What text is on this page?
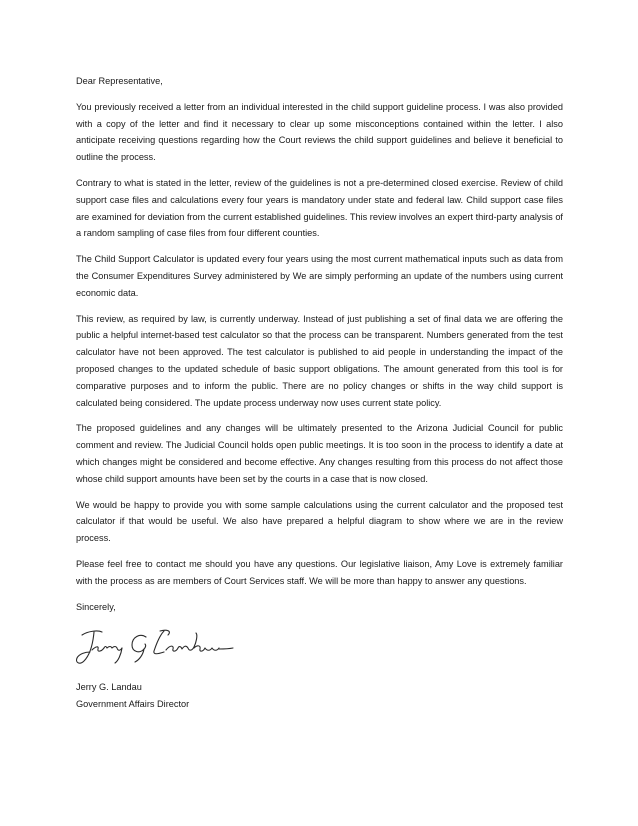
Dear Representative,

You previously received a letter from an individual interested in the child support guideline process. I was also provided with a copy of the letter and find it necessary to clear up some misconceptions contained within the letter. I also anticipate receiving questions regarding how the Court reviews the child support guidelines and believe it beneficial to outline the process.

Contrary to what is stated in the letter, review of the guidelines is not a pre-determined closed exercise. Review of child support case files and calculations every four years is mandatory under state and federal law. Child support case files are examined for deviation from the current established guidelines. This review involves an expert third-party analysis of a random sampling of case files from four different counties.

The Child Support Calculator is updated every four years using the most current mathematical inputs such as data from the Consumer Expenditures Survey administered by We are simply performing an update of the numbers using current economic data.

This review, as required by law, is currently underway. Instead of just publishing a set of final data we are offering the public a helpful internet-based test calculator so that the process can be transparent. Numbers generated from the test calculator have not been approved. The test calculator is published to aid people in understanding the impact of the proposed changes to the updated schedule of basic support obligations. The amount generated from this tool is for comparative purposes and to inform the public. There are no policy changes or shifts in the way child support is calculated being considered. The update process underway now uses current state policy.

The proposed guidelines and any changes will be ultimately presented to the Arizona Judicial Council for public comment and review. The Judicial Council holds open public meetings. It is too soon in the process to identify a date at which changes might be considered and become effective. Any changes resulting from this process do not affect those whose child support amounts have been set by the courts in a case that is now closed.

We would be happy to provide you with some sample calculations using the current calculator and the proposed test calculator if that would be useful. We also have prepared a helpful diagram to show where we are in the review process.

Please feel free to contact me should you have any questions. Our legislative liaison, Amy Love is extremely familiar with the process as are members of Court Services staff. We will be more than happy to answer any questions.

Sincerely,

Jerry G. Landau
Government Affairs Director
